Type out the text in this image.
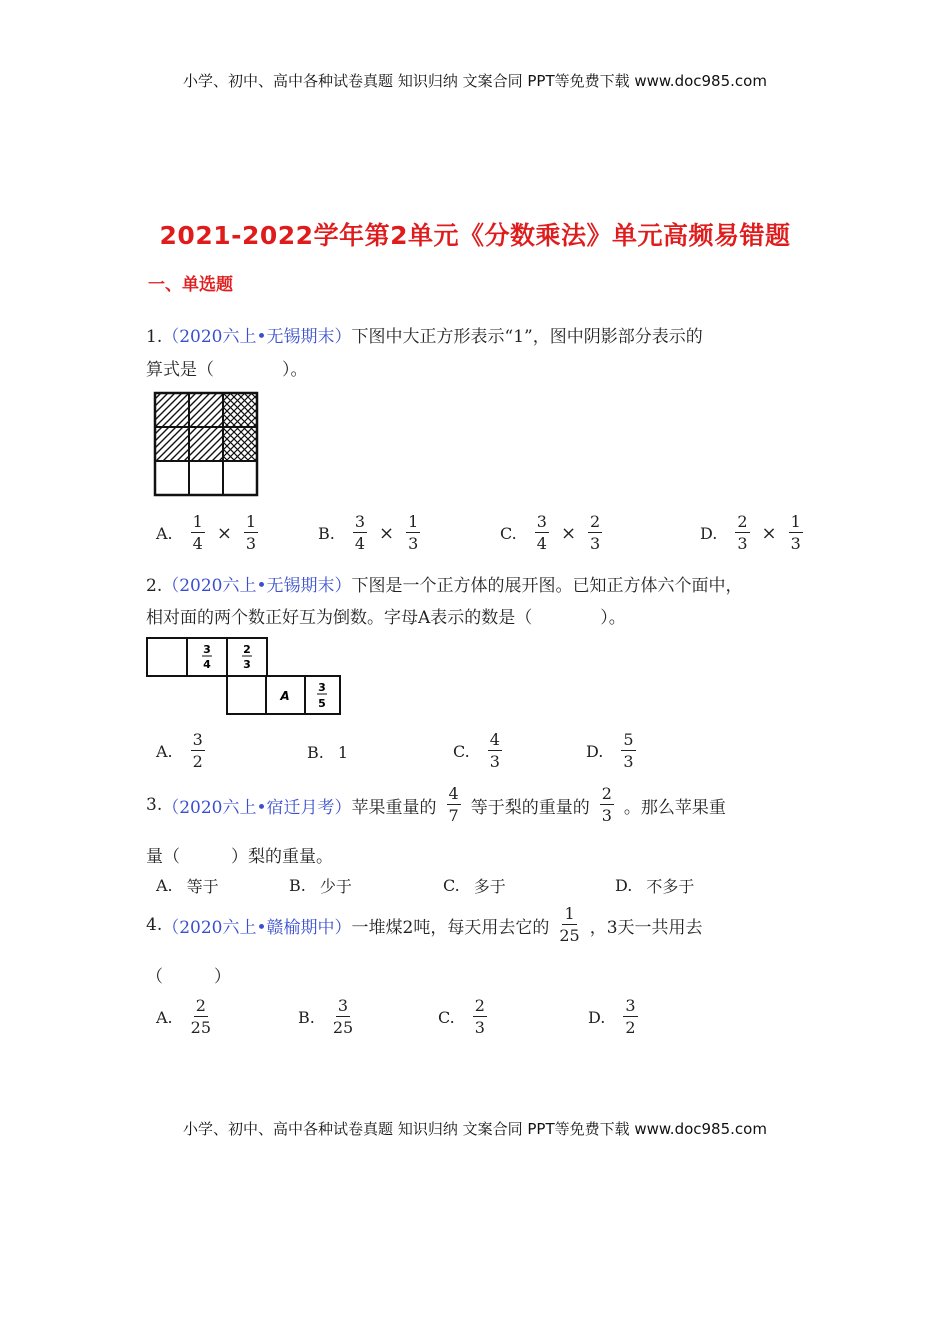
小学、初中、高中各种试卷真题 知识归纳 文案合同 PPT等免费下载 www.doc985.com
2021-2022学年第2单元《分数乘法》单元高频易错题
一、单选题
1.（2020六上•无锡期末）下图中大正方形表示“1”，图中阴影部分表示的
算式是（　　　　）。
A. $\frac{1}{4} \times \frac{1}{3}$	B. $\frac{3}{4} \times \frac{1}{3}$	C. $\frac{3}{4} \times \frac{2}{3}$	D. $\frac{2}{3} \times \frac{1}{3}$
2.（2020六上•无锡期末）下图是一个正方体的展开图。已知正方体六个面中，
相对面的两个数正好互为倒数。字母A表示的数是（　　　　）。
3
4
2
3
A
3
5
A. $\frac{3}{2}$	B. 1	C. $\frac{4}{3}$	D. $\frac{5}{3}$
3. （2020六上•宿迁月考） 苹果重量的 $\frac{4}{7}$ 等于梨的重量的 $\frac{2}{3}$ 。那么苹果重
量（　　　）梨的重量。
A. 等于	B. 少于	C. 多于	D. 不多于
4. （2020六上•赣榆期中） 一堆煤2吨，每天用去它的 $\frac{1}{25}$ ，3天一共用去
（　　　）
A. $\frac{2}{25}$	B. $\frac{3}{25}$	C. $\frac{2}{3}$	D. $\frac{3}{2}$
小学、初中、高中各种试卷真题 知识归纳 文案合同 PPT等免费下载 www.doc985.com
